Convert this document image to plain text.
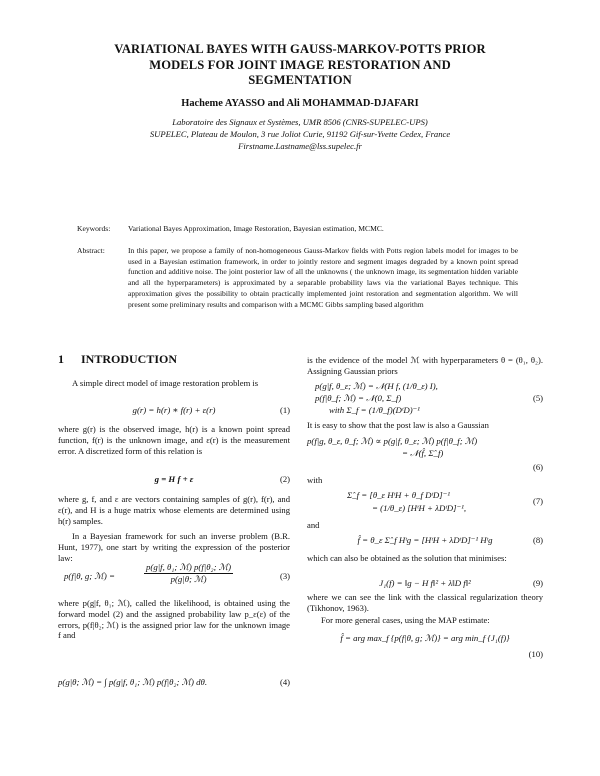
VARIATIONAL BAYES WITH GAUSS-MARKOV-POTTS PRIOR
MODELS FOR JOINT IMAGE RESTORATION AND
SEGMENTATION
Hacheme AYASSO and Ali MOHAMMAD-DJAFARI
Laboratoire des Signaux et Systèmes, UMR 8506 (CNRS-SUPELEC-UPS)
SUPELEC, Plateau de Moulon, 3 rue Joliot Curie, 91192 Gif-sur-Yvette Cedex, France
Firstname.Lastname@lss.supelec.fr
Keywords: Variational Bayes Approximation, Image Restoration, Bayesian estimation, MCMC.
Abstract:	In this paper, we propose a family of non-homogeneous Gauss-Markov fields with Potts region labels model for images to be used in a Bayesian estimation framework, in order to jointly restore and segment images degraded by a known point spread function and additive noise. The joint posterior law of all the unknowns ( the unknown image, its segmentation hidden variable and all the hyperparameters) is approximated by a separable probability laws via the variational Bayes technique. This approximation gives the possibility to obtain practically implemented joint restoration and segmentation algorithm. We will present some preliminary results and comparison with a MCMC Gibbs sampling based algorithm
1 INTRODUCTION
A simple direct model of image restoration problem is
g(r) = h(r) ∗ f(r) + ε(r)	(1)
where g(r) is the observed image, h(r) is a known point spread function, f(r) is the unknown image, and ε(r) is the measurement error. A discretized form of this relation is
g = H f + ε	(2)
where g, f, and ε are vectors containing samples of g(r), f(r), and ε(r), and H is a huge matrix whose elements are determined using h(r) samples.
In a Bayesian framework for such an inverse problem (B.R. Hunt, 1977), one start by writing the expression of the posterior law:
p(f|θ, g; ℳ) =
p(g|f, θ₁; ℳ) p(f|θ₂; ℳ)
p(g|θ; ℳ)	(3)
where p(g|f, θ₁; ℳ), called the likelihood, is obtained using the forward model (2) and the assigned probability law p_ε(ε) of the errors, p(f|θ₂; ℳ) is the assigned prior law for the unknown image f and
p(g|θ; ℳ) = ∫ p(g|f, θ₁; ℳ) p(f|θ₂; ℳ) dθ.	(4)
is the evidence of the model ℳ with hyperparameters θ = (θ₁, θ₂). Assigning Gaussian priors
p(g|f, θ_ε; ℳ) = 𝒩(H f, (1/θ_ε) I),
p(f|θ_f; ℳ) = 𝒩(0, Σ_f)
with Σ_f = (1/θ_f)(DᵗD)⁻¹
(5)
It is easy to show that the post law is also a Gaussian
p(f|g, θ_ε, θ_f; ℳ) ∝ p(g|f, θ_ε; ℳ) p(f|θ_f; ℳ)
= 𝒩(f̂, Σ̂_f)
(6)
with
Σ̂_f = [θ_ε HᵗH + θ_f DᵗD]⁻¹
= (1/θ_ε) [HᵗH + λDᵗD]⁻¹,
(7)
and
f̂ = θ_ε Σ̂_f Hᵗg = [HᵗH + λDᵗD]⁻¹ Hᵗg	(8)
which can also be obtained as the solution that minimises:
J₁(f) = ‖g − H f‖² + λ‖D f‖²	(9)
where we can see the link with the classical regularization theory (Tikhonov, 1963).
For more general cases, using the MAP estimate:
f̂ = arg max_f {p(f|θ, g; ℳ)} = arg min_f {J₁(f)}
(10)
